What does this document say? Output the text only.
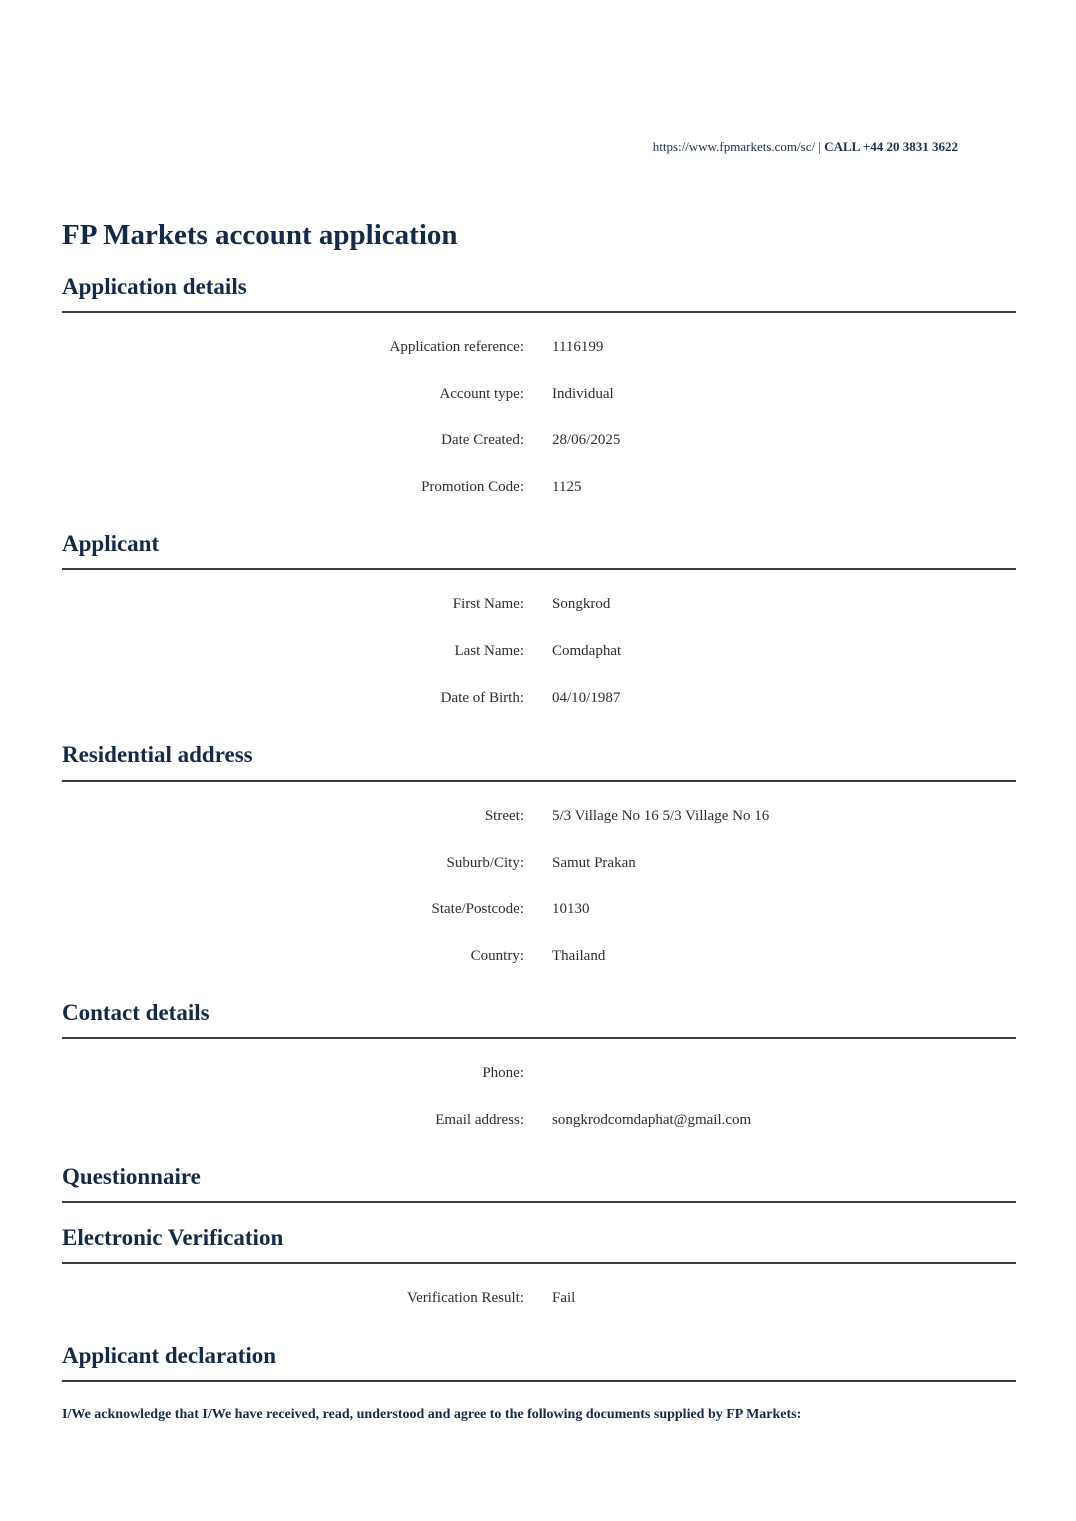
https://www.fpmarkets.com/sc/ | CALL +44 20 3831 3622
FP Markets account application
Application details
Application reference: 1116199
Account type: Individual
Date Created: 28/06/2025
Promotion Code: 1125
Applicant
First Name: Songkrod
Last Name: Comdaphat
Date of Birth: 04/10/1987
Residential address
Street: 5/3 Village No 16 5/3 Village No 16
Suburb/City: Samut Prakan
State/Postcode: 10130
Country: Thailand
Contact details
Phone:
Email address: songkrodcomdaphat@gmail.com
Questionnaire
Electronic Verification
Verification Result: Fail
Applicant declaration
I/We acknowledge that I/We have received, read, understood and agree to the following documents supplied by FP Markets:
